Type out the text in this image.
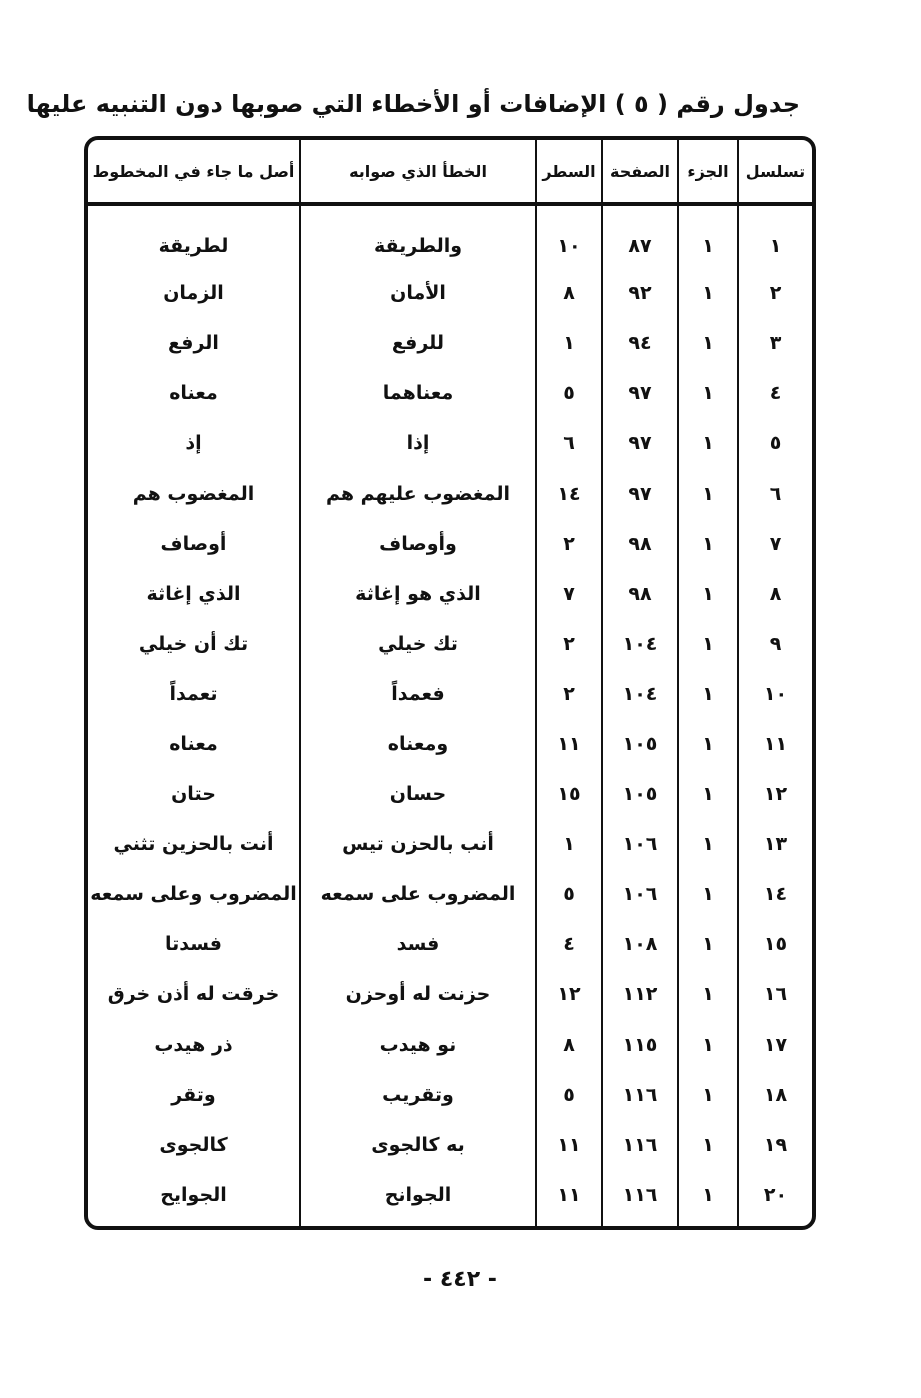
جدول رقم ( ٥ ) الإضافات أو الأخطاء التي صوبها دون التنبيه عليها
تسلسل	الجزء	الصفحة	السطر	الخطأ الذي صوابه	أصل ما جاء في المخطوط
١	١	٨٧	١٠	والطريقة	لطريقة
٢	١	٩٢	٨	الأمان	الزمان
٣	١	٩٤	١	للرفع	الرفع
٤	١	٩٧	٥	معناهما	معناه
٥	١	٩٧	٦	إذا	إذ
٦	١	٩٧	١٤	المغضوب عليهم هم	المغضوب هم
٧	١	٩٨	٢	وأوصاف	أوصاف
٨	١	٩٨	٧	الذي هو إغاثة	الذي إغاثة
٩	١	١٠٤	٢	تك خيلي	تك أن خيلي
١٠	١	١٠٤	٢	فعمداً	تعمداً
١١	١	١٠٥	١١	ومعناه	معناه
١٢	١	١٠٥	١٥	حسان	حتان
١٣	١	١٠٦	١	أنب بالحزن تيس	أنت بالحزين تثني
١٤	١	١٠٦	٥	المضروب على سمعه	المضروب وعلى سمعه
١٥	١	١٠٨	٤	فسد	فسدتا
١٦	١	١١٢	١٢	حزنت له أوحزن	خرقت له أذن خرق
١٧	١	١١٥	٨	نو هيدب	ذر هيدب
١٨	١	١١٦	٥	وتقريب	وتقر
١٩	١	١١٦	١١	به كالجوى	كالجوى
٢٠	١	١١٦	١١	الجوانح	الجوايح
- ٤٤٢ -
